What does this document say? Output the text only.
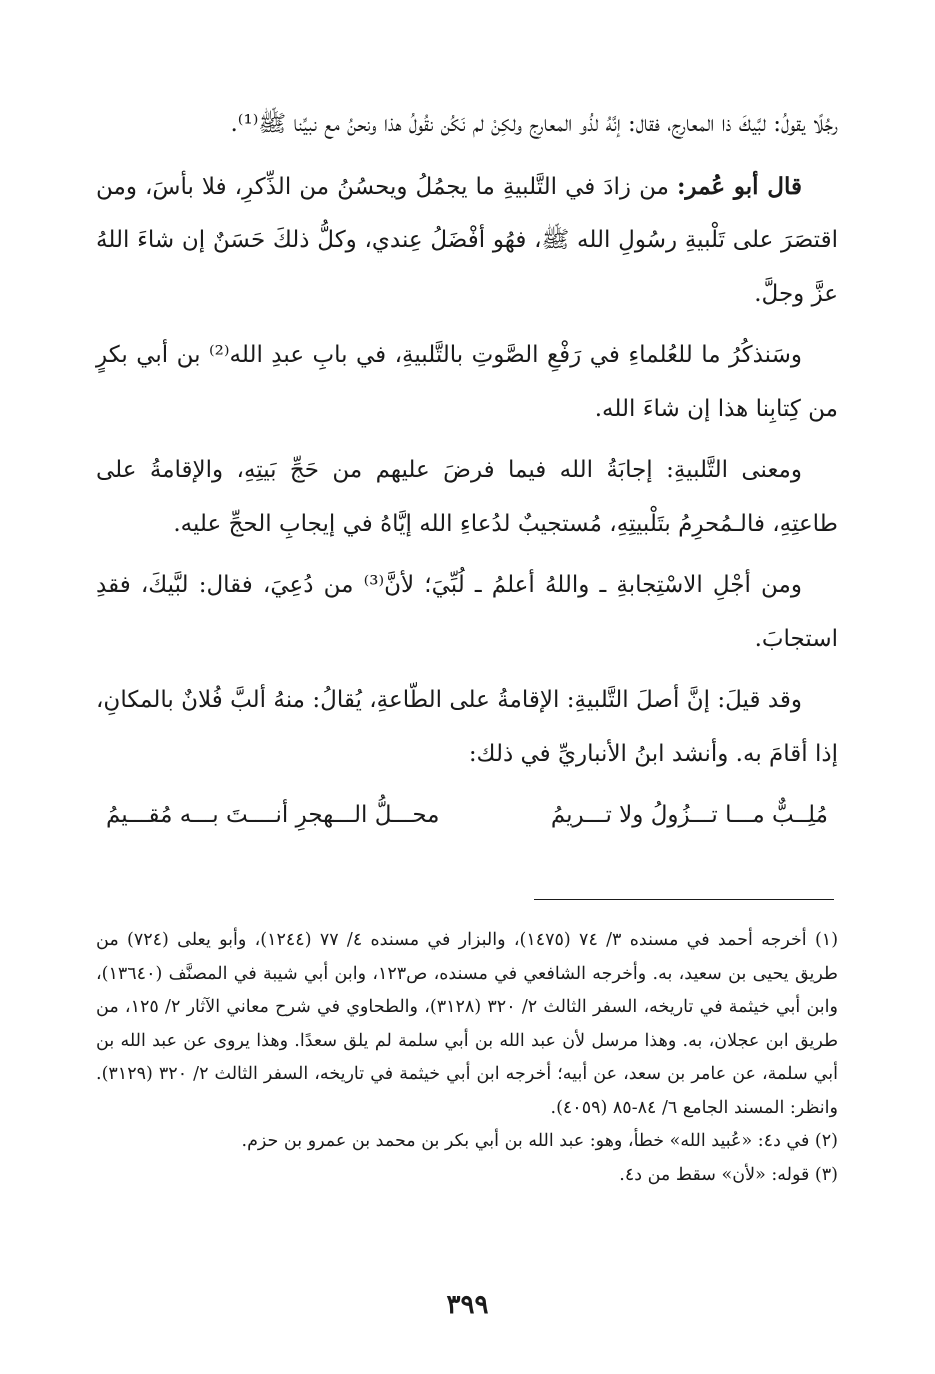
رجُلًا يقولُ: لبَّيكَ ذا المعارِج، فقال: إنَّهُ لذُو المعارِج ولكِنْ لم نَكُن نقُولُ هذا ونحنُ مع نبيِّنا ﷺ⁽¹⁾.

قال أبو عُمر: من زادَ في التَّلبيةِ ما يجمُلُ ويحسُنُ من الذِّكرِ، فلا بأسَ، ومن اقتصَرَ على تَلْبيةِ رسُولِ الله ﷺ، فهُو أفْضَلُ عِندي، وكلُّ ذلكَ حَسَنٌ إن شاءَ اللهُ عزَّ وجلَّ.

وسَنذكُرُ ما للعُلماءِ في رَفْعِ الصَّوتِ بالتَّلبيةِ، في بابِ عبدِ الله⁽²⁾ بن أبي بكرٍ من كِتابِنا هذا إن شاءَ الله.

ومعنى التَّلبيةِ: إجابَةُ الله فيما فرضَ عليهم من حَجِّ بَيتِهِ، والإقامةُ على طاعتِهِ، فالـمُحرِمُ بتَلْبيتِهِ، مُستجيبٌ لدُعاءِ الله إيَّاهُ في إيجابِ الحجِّ عليه.

ومن أجْلِ الاسْتِجابةِ ـ واللهُ أعلمُ ـ لُبِّيَ؛ لأنَّ⁽³⁾ من دُعِيَ، فقال: لبَّيكَ، فقدِ استجابَ.

وقد قيلَ: إنَّ أصلَ التَّلبيةِ: الإقامةُ على الطّاعةِ، يُقالُ: منهُ ألبَّ فُلانٌ بالمكانِ، إذا أقامَ به. وأنشد ابنُ الأنباريِّ في ذلك:

مُلِــبٌّ مـــا تـــزُولُ ولا تـــريمُ
محـــلُّ الـــهجرِ أنــــتَ بـــه مُقـــيمُ

(١) أخرجه أحمد في مسنده ٣/ ٧٤ (١٤٧٥)، والبزار في مسنده ٤/ ٧٧ (١٢٤٤)، وأبو يعلى (٧٢٤) من طريق يحيى بن سعيد، به. وأخرجه الشافعي في مسنده، ص١٢٣، وابن أبي شيبة في المصنَّف (١٣٦٤٠)، وابن أبي خيثمة في تاريخه، السفر الثالث ٢/ ٣٢٠ (٣١٢٨)، والطحاوي في شرح معاني الآثار ٢/ ١٢٥، من طريق ابن عجلان، به. وهذا مرسل لأن عبد الله بن أبي سلمة لم يلق سعدًا. وهذا يروى عن عبد الله بن أبي سلمة، عن عامر بن سعد، عن أبيه؛ أخرجه ابن أبي خيثمة في تاريخه، السفر الثالث ٢/ ٣٢٠ (٣١٢٩). وانظر: المسند الجامع ٦/ ٨٤-٨٥ (٤٠٥٩).

(٢) في د٤: «عُبيد الله» خطأ، وهو: عبد الله بن أبي بكر بن محمد بن عمرو بن حزم.

(٣) قوله: «لأن» سقط من د٤.

٣٩٩
